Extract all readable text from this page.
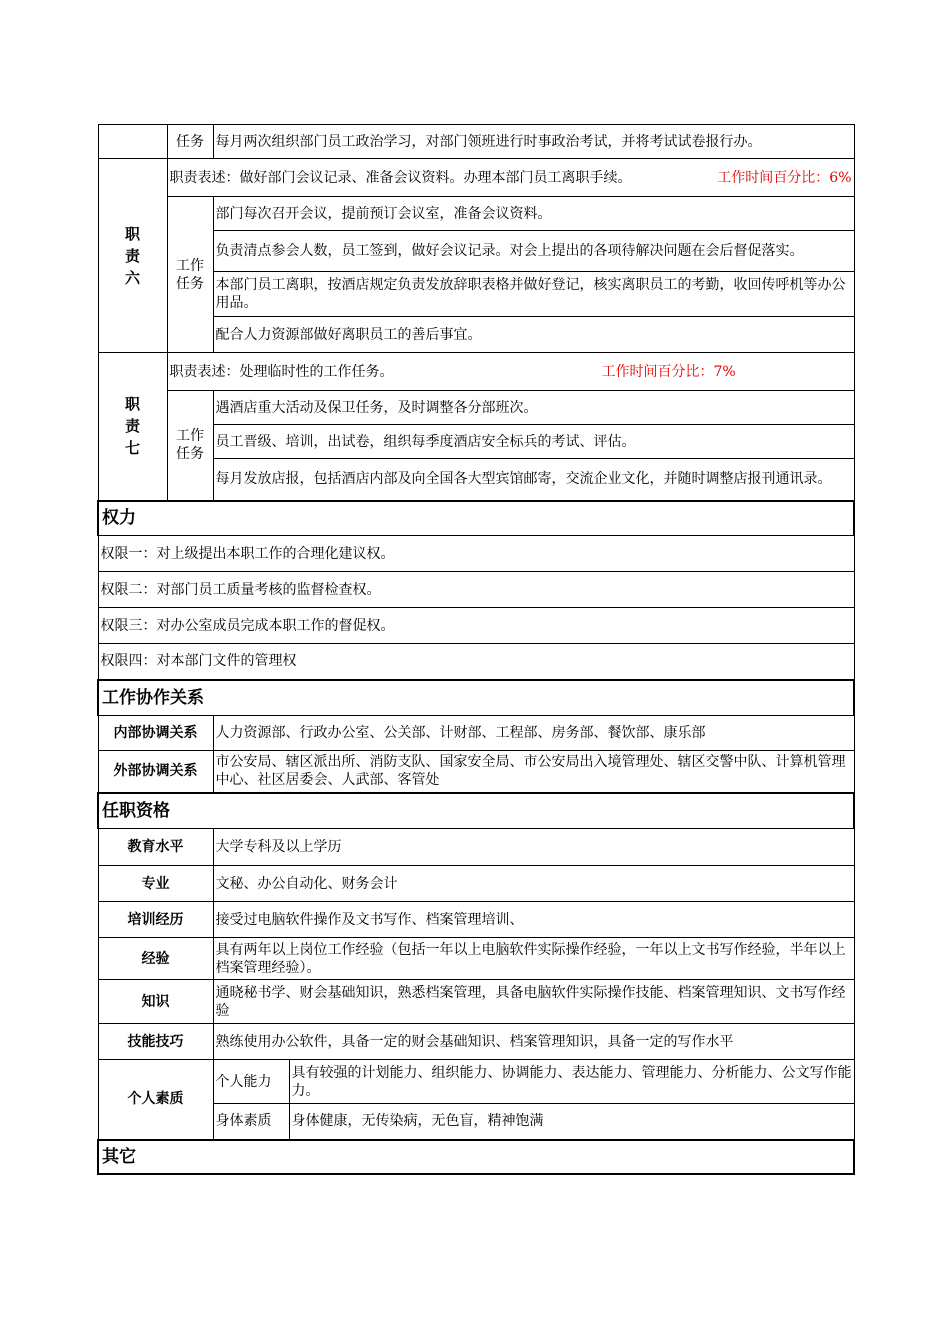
	任务	每月两次组织部门员工政治学习，对部门领班进行时事政治考试，并将考试试卷报行办。	
职责六	职责表述：做好部门会议记录、准备会议资料。办理本部门员工离职手续。 工作时间百分比：6%		

	工作任务	部门每次召开会议，提前预订会议室，准备会议资料。	
		负责清点参会人数，员工签到，做好会议记录。对会上提出的各项待解决问题在会后督促落实。	
		本部门员工离职，按酒店规定负责发放辞职表格并做好登记，核实离职员工的考勤，收回传呼机等办公用品。	
		配合人力资源部做好离职员工的善后事宜。	
职责七	职责表述：处理临时性的工作任务。 工作时间百分比：7%		

	工作任务	遇酒店重大活动及保卫任务，及时调整各分部班次。	
		员工晋级、培训，出试卷，组织每季度酒店安全标兵的考试、评估。	
		每月发放店报，包括酒店内部及向全国各大型宾馆邮寄，交流企业文化，并随时调整店报刊通讯录。	
权力			
权限一：对上级提出本职工作的合理化建议权。			
权限二：对部门员工质量考核的监督检查权。			
权限三：对办公室成员完成本职工作的督促权。			
权限四：对本部门文件的管理权			
工作协作关系			
内部协调关系		人力资源部、行政办公室、公关部、计财部、工程部、房务部、餐饮部、康乐部	
外部协调关系		市公安局、辖区派出所、消防支队、国家安全局、市公安局出入境管理处、辖区交警中队、计算机管理中心、社区居委会、人武部、客管处	
任职资格			
教育水平		大学专科及以上学历	
专业		文秘、办公自动化、财务会计	
培训经历		接受过电脑软件操作及文书写作、档案管理培训、	
经验		具有两年以上岗位工作经验（包括一年以上电脑软件实际操作经验，一年以上文书写作经验，半年以上档案管理经验）。	
知识		通晓秘书学、财会基础知识，熟悉档案管理，具备电脑软件实际操作技能、档案管理知识、文书写作经验	
技能技巧		熟练使用办公软件，具备一定的财会基础知识、档案管理知识，具备一定的写作水平	
个人素质		个人能力	具有较强的计划能力、组织能力、协调能力、表达能力、管理能力、分析能力、公文写作能力。
		身体素质	身体健康，无传染病，无色盲，精神饱满
其它			
